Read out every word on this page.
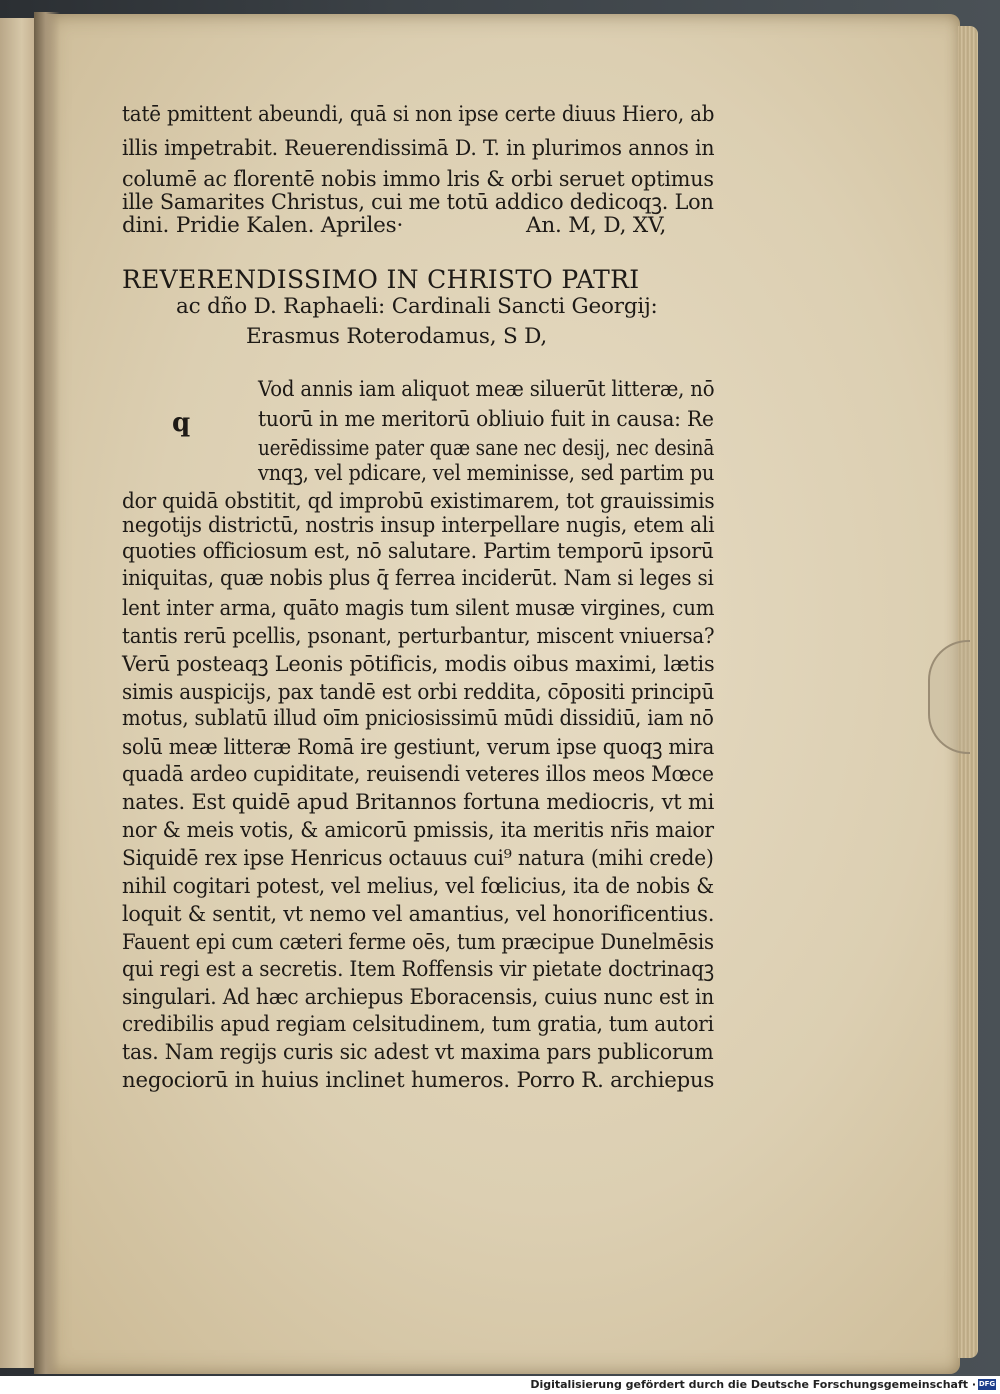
tatē pmittent abeundi, quā si non ipse certe diuus Hiero, ab

illis impetrabit. Reuerendissimā D. T. in plurimos annos in

columē ac florentē nobis immo lris & orbi seruet optimus

ille Samarites Christus, cui me totū addico dedicoqꝫ. Lon

dini. Pridie Kalen. Apriles·	An. M, D, XV,

REVERENDISSIMO IN CHRISTO PATRI

ac dño D. Raphaeli: Cardinali Sancti Georgij:

Erasmus Roterodamus, S D,

q

Vod annis iam aliquot meæ siluerūt litteræ, nō

tuorū in me meritorū obliuio fuit in causa: Re

uerēdissime pater quæ sane nec desij, nec desinā

vnqꝫ, vel pdicare, vel meminisse, sed partim pu

dor quidā obstitit, qd improbū existimarem, tot grauissimis

negotijs districtū, nostris insup interpellare nugis, etem ali

quoties officiosum est, nō salutare. Partim temporū ipsorū

iniquitas, quæ nobis plus q̄ ferrea inciderūt. Nam si leges si

lent inter arma, quāto magis tum silent musæ virgines, cum

tantis rerū pcellis, psonant, perturbantur, miscent vniuersa?

Verū posteaqꝫ Leonis pōtificis, modis oibus maximi, lætis

simis auspicijs, pax tandē est orbi reddita, cōpositi principū

motus, sublatū illud oīm pniciosissimū mūdi dissidiū, iam nō

solū meæ litteræ Romā ire gestiunt, verum ipse quoqꝫ mira

quadā ardeo cupiditate, reuisendi veteres illos meos Mœce

nates. Est quidē apud Britannos fortuna mediocris, vt mi

nor & meis votis, & amicorū pmissis, ita meritis nr̄is maior

Siquidē rex ipse Henricus octauus cui⁹ natura (mihi crede)

nihil cogitari potest, vel melius, vel fœlicius, ita de nobis &

loquit & sentit, vt nemo vel amantius, vel honorificentius.

Fauent epi cum cæteri ferme oēs, tum præcipue Dunelmēsis

qui regi est a secretis. Item Roffensis vir pietate doctrinaqꝫ

singulari. Ad hæc archiepus Eboracensis, cuius nunc est in

credibilis apud regiam celsitudinem, tum gratia, tum autori

tas. Nam regijs curis sic adest vt maxima pars publicorum

negociorū in huius inclinet humeros. Porro R. archiepus

Digitalisierung gefördert durch die Deutsche Forschungsgemeinschaft · DFG
